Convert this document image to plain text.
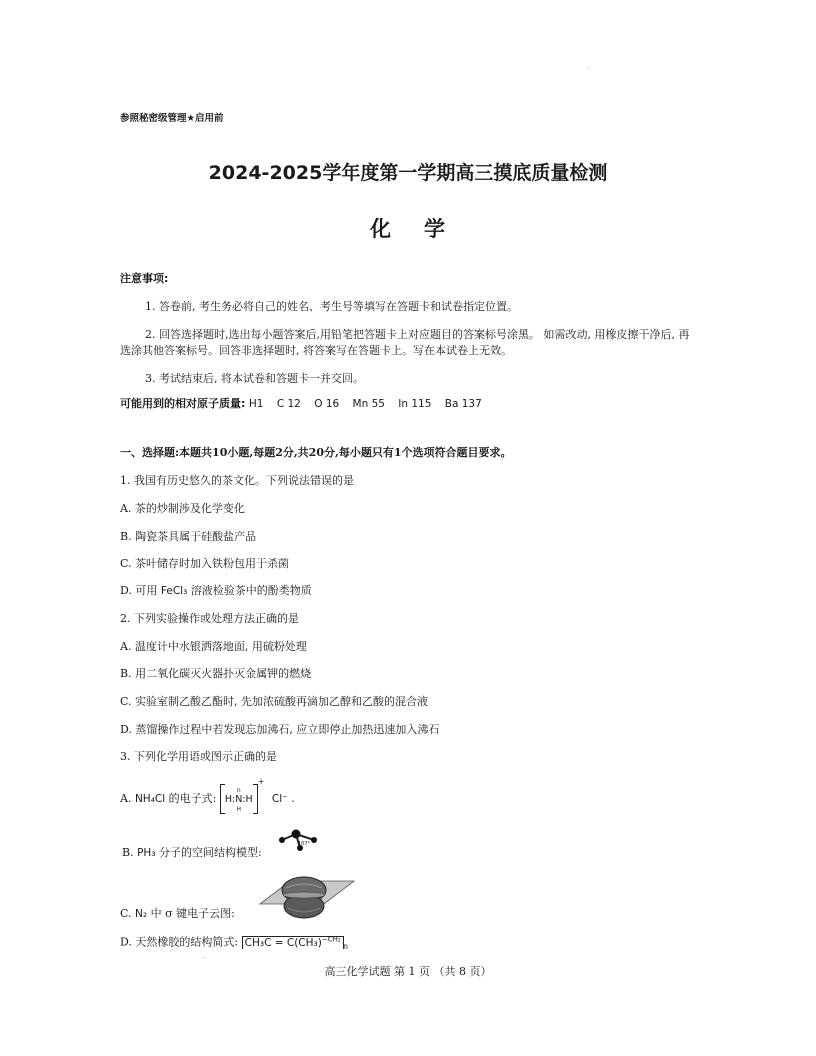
·
·
参照秘密级管理★启用前
2024-2025学年度第一学期高三摸底质量检测
化 学
注意事项:
1. 答卷前, 考生务必将自己的姓名、考生号等填写在答题卡和试卷指定位置。
2. 回答选择题时,选出每小题答案后,用铅笔把答题卡上对应题目的答案标号涂黑。 如需改动, 用橡皮擦干净后, 再选涂其他答案标号。回答非选择题时, 将答案写在答题卡上。写在本试卷上无效。
3. 考试结束后, 将本试卷和答题卡一并交回。
可能用到的相对原子质量: H1    C 12    O 16    Mn 55    In 115    Ba 137
一、选择题:本题共10小题,每题2分,共20分,每小题只有1个选项符合题目要求。
1. 我国有历史悠久的茶文化。下列说法错误的是
A. 茶的炒制涉及化学变化
B. 陶瓷茶具属于硅酸盐产品
C. 茶叶储存时加入铁粉包用于杀菌
D. 可用 FeCl₃ 溶液检验茶中的酚类物质
2. 下列实验操作或处理方法正确的是
A. 温度计中水银洒落地面, 用硫粉处理
B. 用二氧化碳灭火器扑灭金属钾的燃烧
C. 实验室制乙酸乙酯时, 先加浓硫酸再滴加乙醇和乙酸的混合液
D. 蒸馏操作过程中若发现忘加沸石, 应立即停止加热迅速加入沸石
3. 下列化学用语或图示正确的是
A. NH₄Cl 的电子式: n
H:N:H
H+ Cl⁻ .
B. PH₃ 分子的空间结构模型:
107°
C. N₂ 中 σ 键电子云图:
D. 天然橡胶的结构简式: $CH_3C = C(CH_3)^{-CH_2}_n$
高三化学试题 第 1 页 （共 8 页）
